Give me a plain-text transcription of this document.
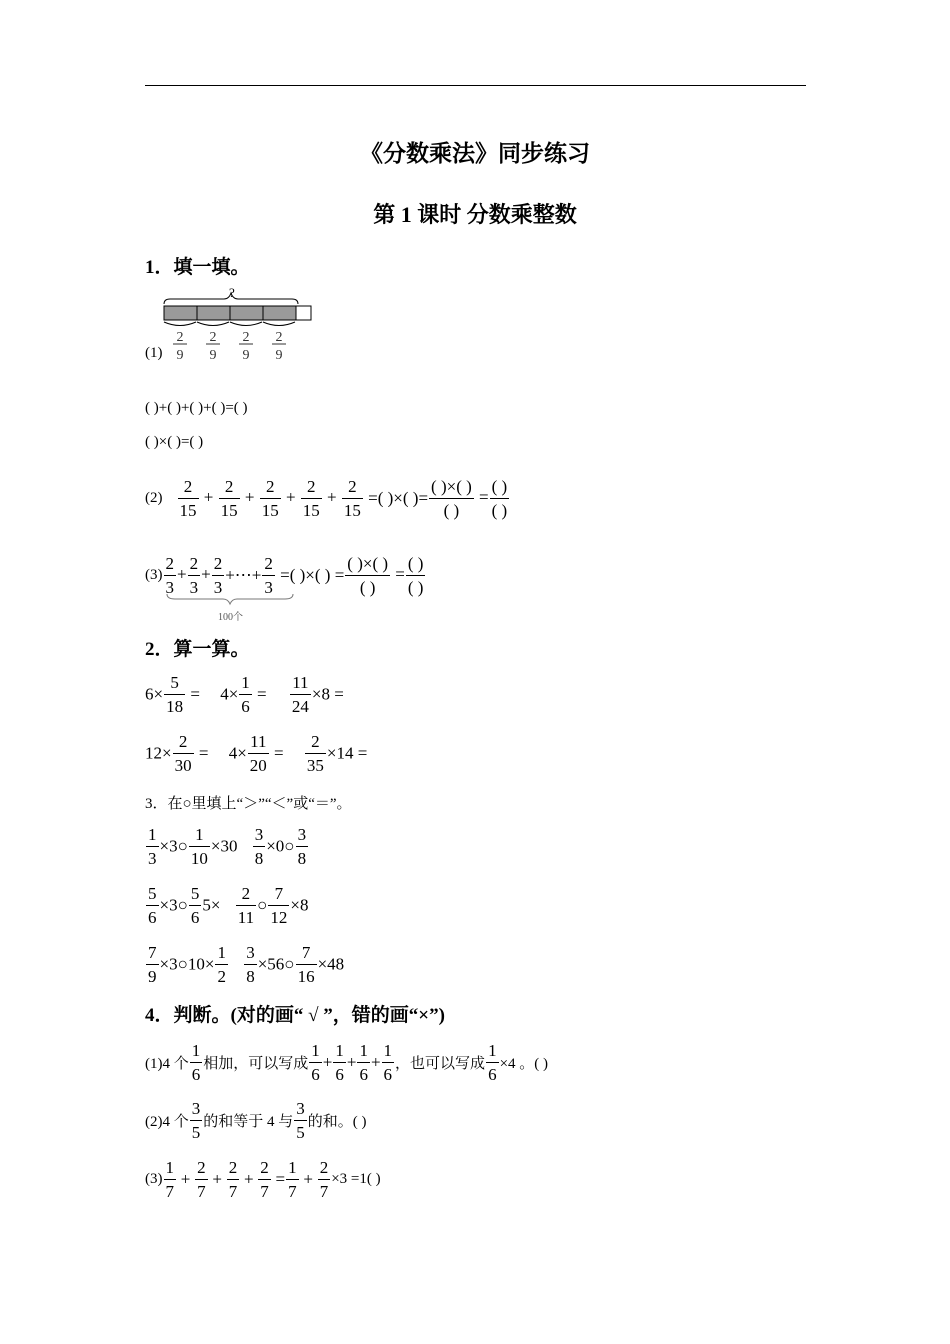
《分数乘法》同步练习
第 1 课时 分数乘整数
1．填一填。
?
2
9
2
9
2
9
2
9
(1)
( )+( )+( )+( )=( )
( )×( )=( )
$(2) \frac{2}{15} + \frac{2}{15} + \frac{2}{15} + \frac{2}{15} + \frac{2}{15}$ =( )×( )= $\frac{( )\times( )}{( )} = \frac{( )}{( )}$
$(3) \frac{2}{3} + \frac{2}{3} + \frac{2}{3}$ +⋯+ $\frac{2}{3}$ =( )×( ) = $\frac{( )\times( )}{( )} = \frac{( )}{( )}$
100个
2．算一算。
$6\times \frac{5}{18} = 4\times \frac{1}{6} = \frac{11}{24} \times 8$ =
$12\times \frac{2}{30} = 4\times \frac{11}{20} = \frac{2}{35} \times 14$ =
3．在○里填上“＞”“＜”或“＝”。
$\frac{1}{3}$ ×3○ $\frac{1}{10} \times 30 \frac{3}{8}$ ×0○ $\frac{3}{8}$
$\frac{5}{6}$ ×3○ $\frac{5}{6} 5\times \frac{2}{11}$ ○ $\frac{7}{12} \times 8$
$\frac{7}{9}$ ×3○10× $\frac{1}{2}$
$\frac{3}{8}$ ×56○ $\frac{7}{16} \times 48$
4．判断。(对的画“ √ ”，错的画“×”)
(1)4 个 $\frac{1}{6}$ 相加，可以写成 $\frac{1}{6} + \frac{1}{6} + \frac{1}{6} + \frac{1}{6}$ ，也可以写成 $\frac{1}{6} \times 4$ 。( )
(2)4 个 $\frac{3}{5}$ 的和等于 4 与 $\frac{3}{5}$ 的和。( )
$(3) \frac{1}{7} + \frac{2}{7} + \frac{2}{7} + \frac{2}{7} = \frac{1}{7} + \frac{2}{7} \times 3 =1$( )
